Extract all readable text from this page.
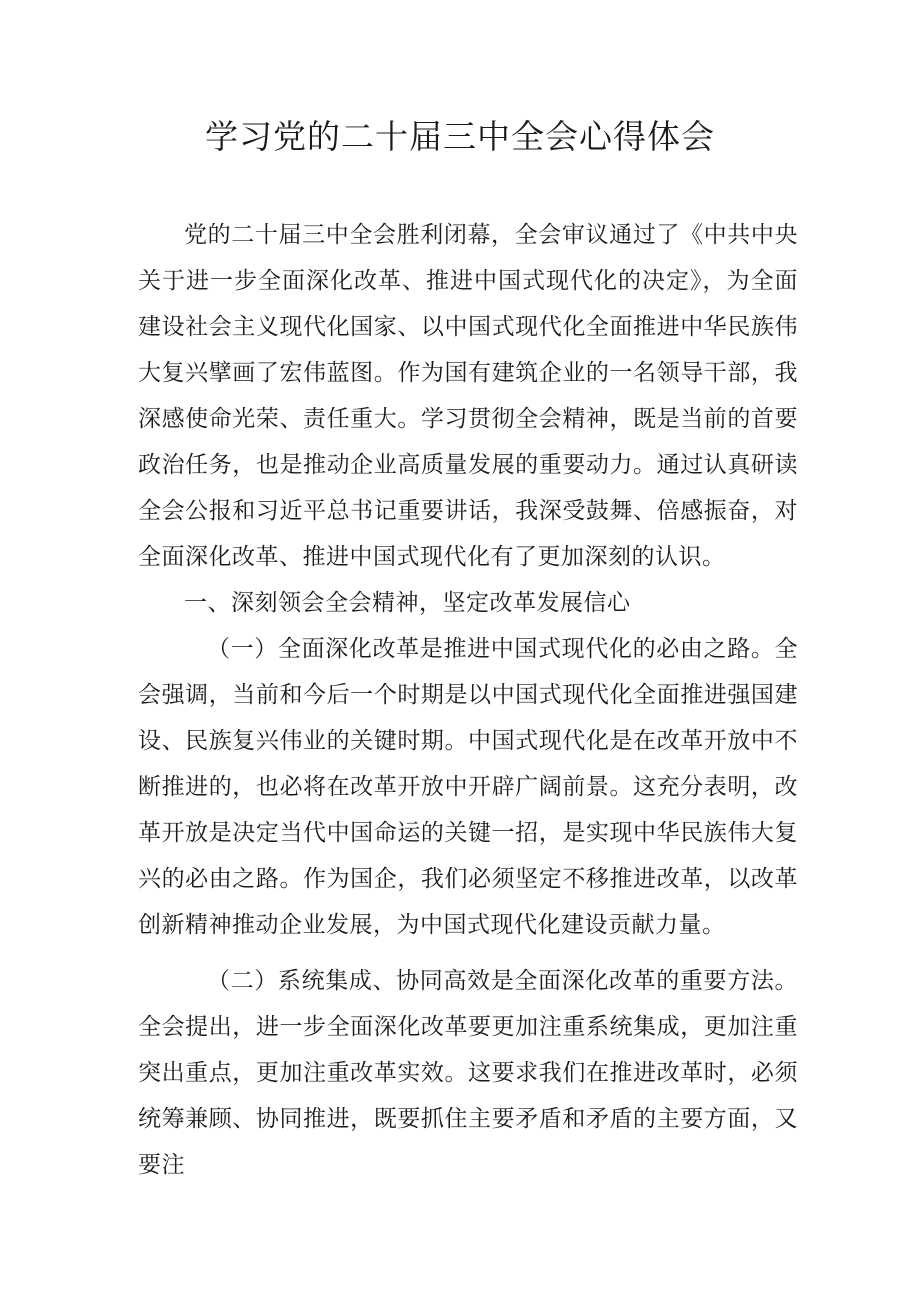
学习党的二十届三中全会心得体会

党的二十届三中全会胜利闭幕，全会审议通过了《中共中央关于进一步全面深化改革、推进中国式现代化的决定》，为全面建设社会主义现代化国家、以中国式现代化全面推进中华民族伟大复兴擘画了宏伟蓝图。作为国有建筑企业的一名领导干部，我深感使命光荣、责任重大。学习贯彻全会精神，既是当前的首要政治任务，也是推动企业高质量发展的重要动力。通过认真研读全会公报和习近平总书记重要讲话，我深受鼓舞、倍感振奋，对全面深化改革、推进中国式现代化有了更加深刻的认识。

一、深刻领会全会精神，坚定改革发展信心

（一）全面深化改革是推进中国式现代化的必由之路。全会强调，当前和今后一个时期是以中国式现代化全面推进强国建设、民族复兴伟业的关键时期。中国式现代化是在改革开放中不断推进的，也必将在改革开放中开辟广阔前景。这充分表明，改革开放是决定当代中国命运的关键一招，是实现中华民族伟大复兴的必由之路。作为国企，我们必须坚定不移推进改革，以改革创新精神推动企业发展，为中国式现代化建设贡献力量。

（二）系统集成、协同高效是全面深化改革的重要方法。全会提出，进一步全面深化改革要更加注重系统集成，更加注重突出重点，更加注重改革实效。这要求我们在推进改革时，必须统筹兼顾、协同推进，既要抓住主要矛盾和矛盾的主要方面，又要注
